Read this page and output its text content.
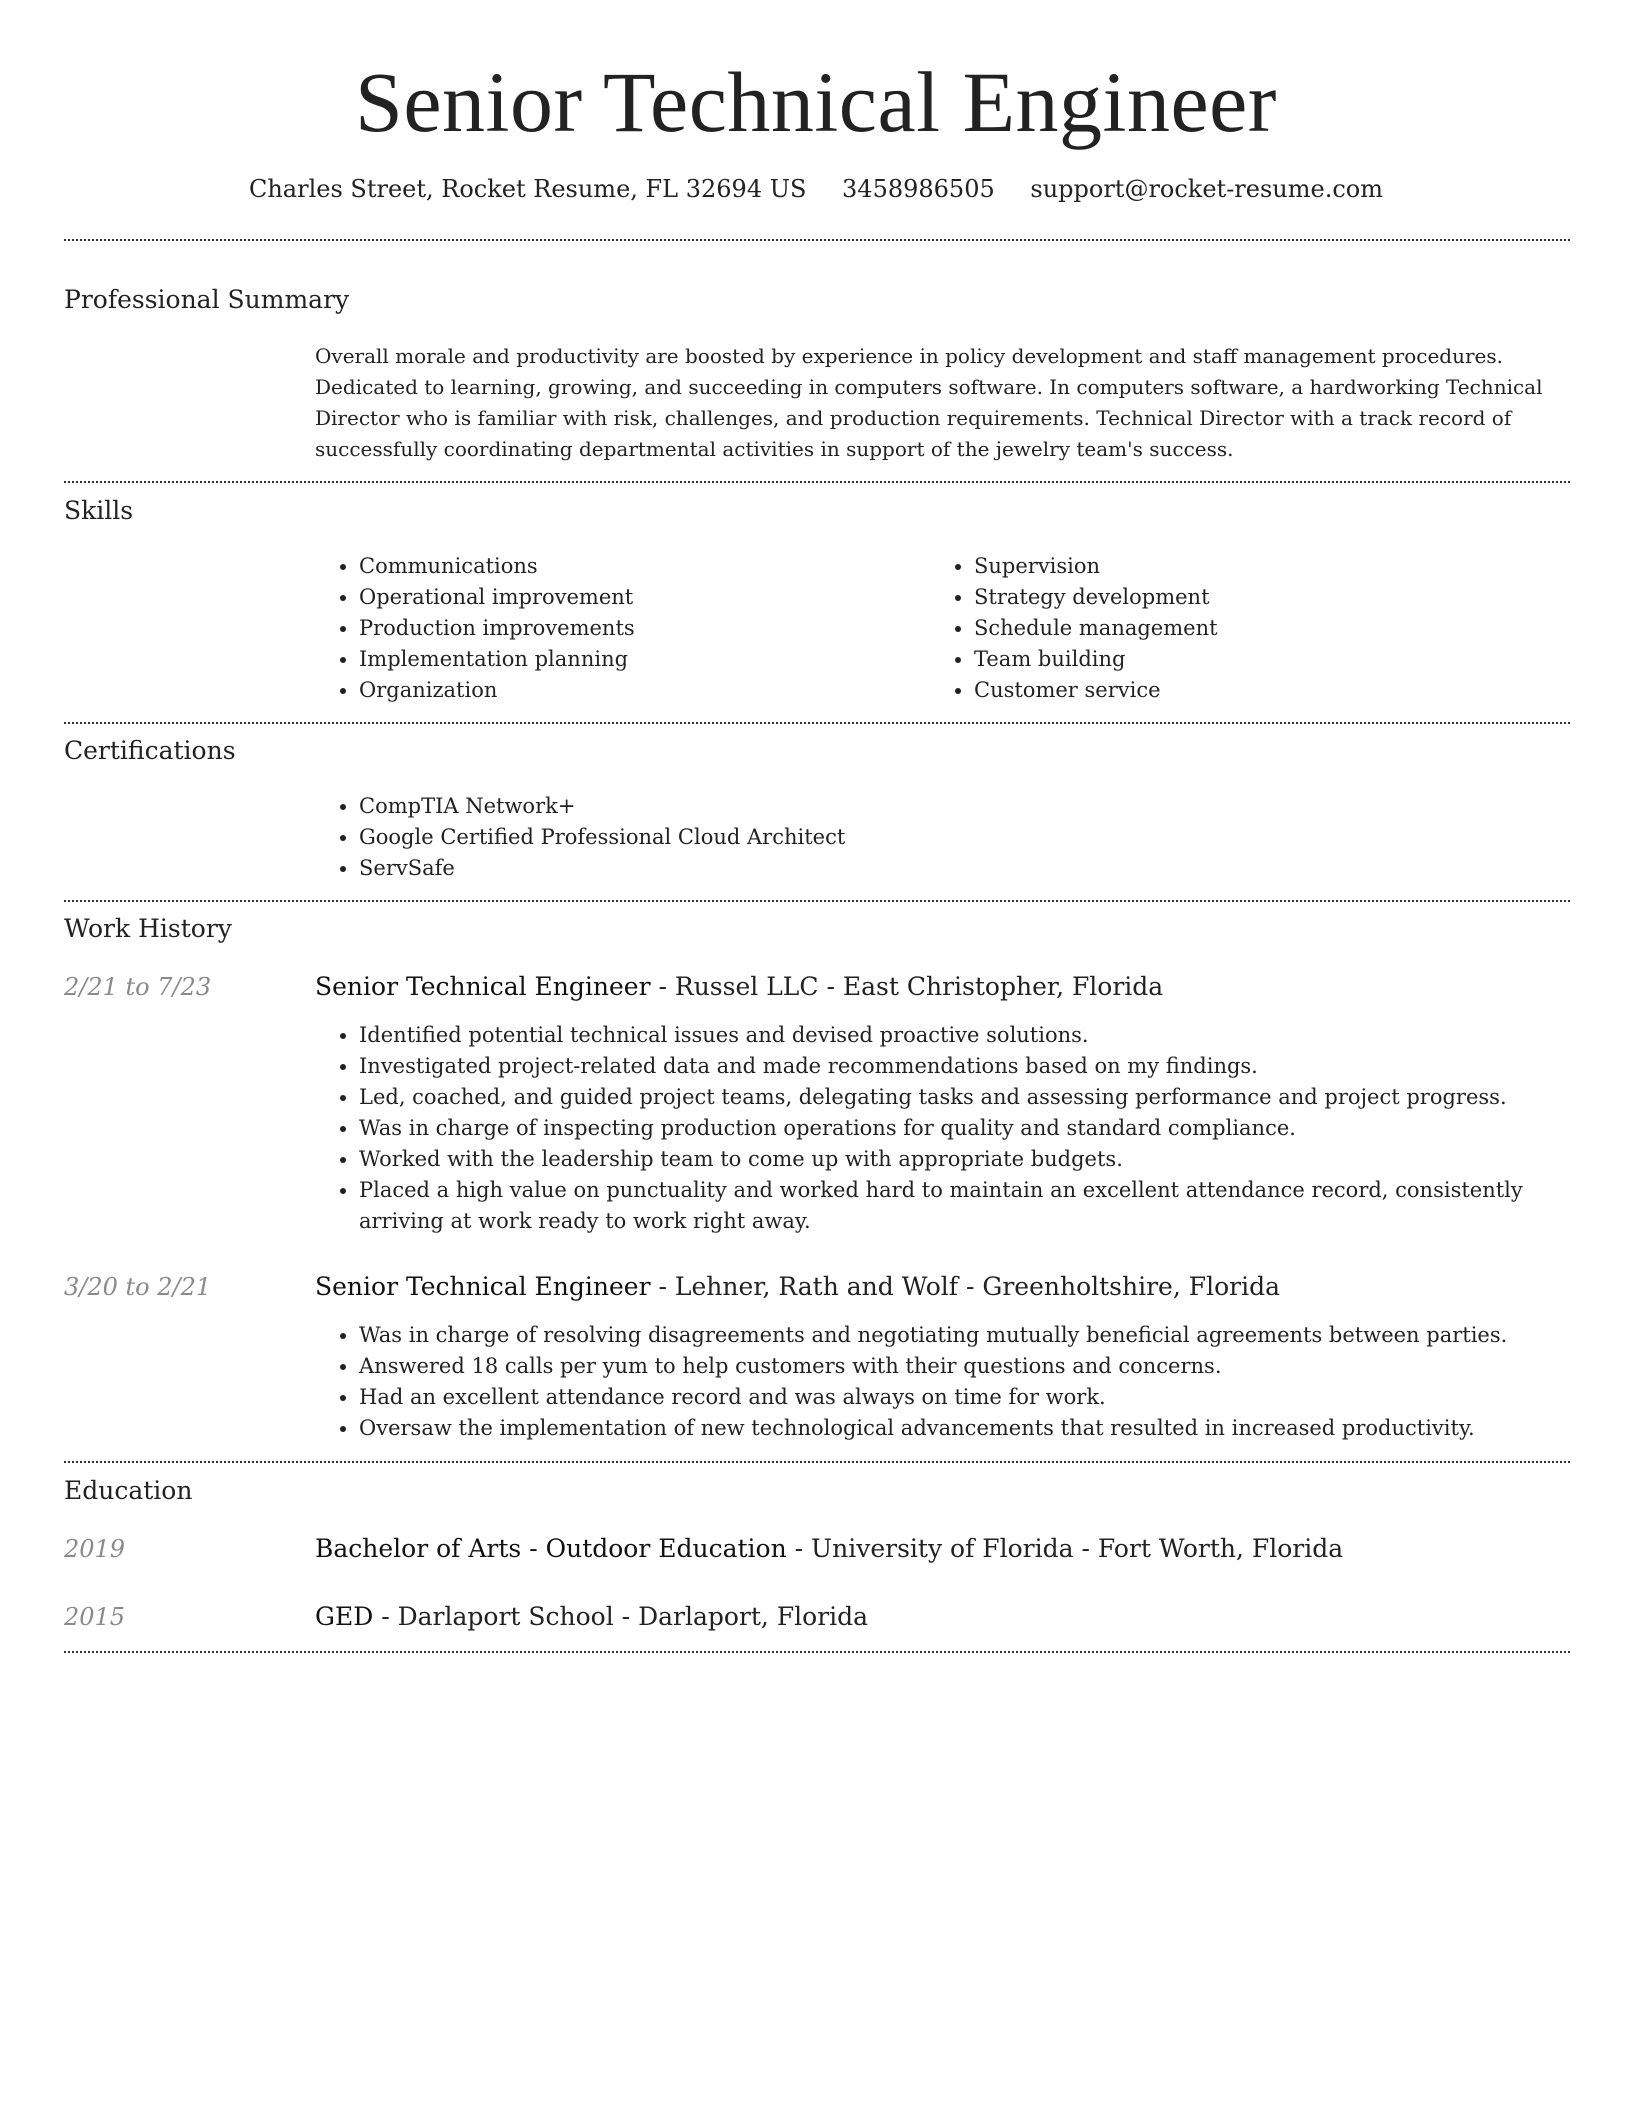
Senior Technical Engineer
Charles Street, Rocket Resume, FL 32694 US 3458986505 support@rocket-resume.com
Professional Summary
Overall morale and productivity are boosted by experience in policy development and staff management procedures. Dedicated to learning, growing, and succeeding in computers software. In computers software, a hardworking Technical Director who is familiar with risk, challenges, and production requirements. Technical Director with a track record of successfully coordinating departmental activities in support of the jewelry team's success.
Skills
• Communications
• Operational improvement
• Production improvements
• Implementation planning
• Organization
• Supervision
• Strategy development
• Schedule management
• Team building
• Customer service
Certifications
• CompTIA Network+
• Google Certified Professional Cloud Architect
• ServSafe
Work History
2/21 to 7/23	Senior Technical Engineer - Russel LLC - East Christopher, Florida
• Identified potential technical issues and devised proactive solutions.
• Investigated project-related data and made recommendations based on my findings.
• Led, coached, and guided project teams, delegating tasks and assessing performance and project progress.
• Was in charge of inspecting production operations for quality and standard compliance.
• Worked with the leadership team to come up with appropriate budgets.
• Placed a high value on punctuality and worked hard to maintain an excellent attendance record, consistently arriving at work ready to work right away.
3/20 to 2/21	Senior Technical Engineer - Lehner, Rath and Wolf - Greenholtshire, Florida
• Was in charge of resolving disagreements and negotiating mutually beneficial agreements between parties.
• Answered 18 calls per yum to help customers with their questions and concerns.
• Had an excellent attendance record and was always on time for work.
• Oversaw the implementation of new technological advancements that resulted in increased productivity.
Education
2019	Bachelor of Arts - Outdoor Education - University of Florida - Fort Worth, Florida
2015	GED - Darlaport School - Darlaport, Florida
